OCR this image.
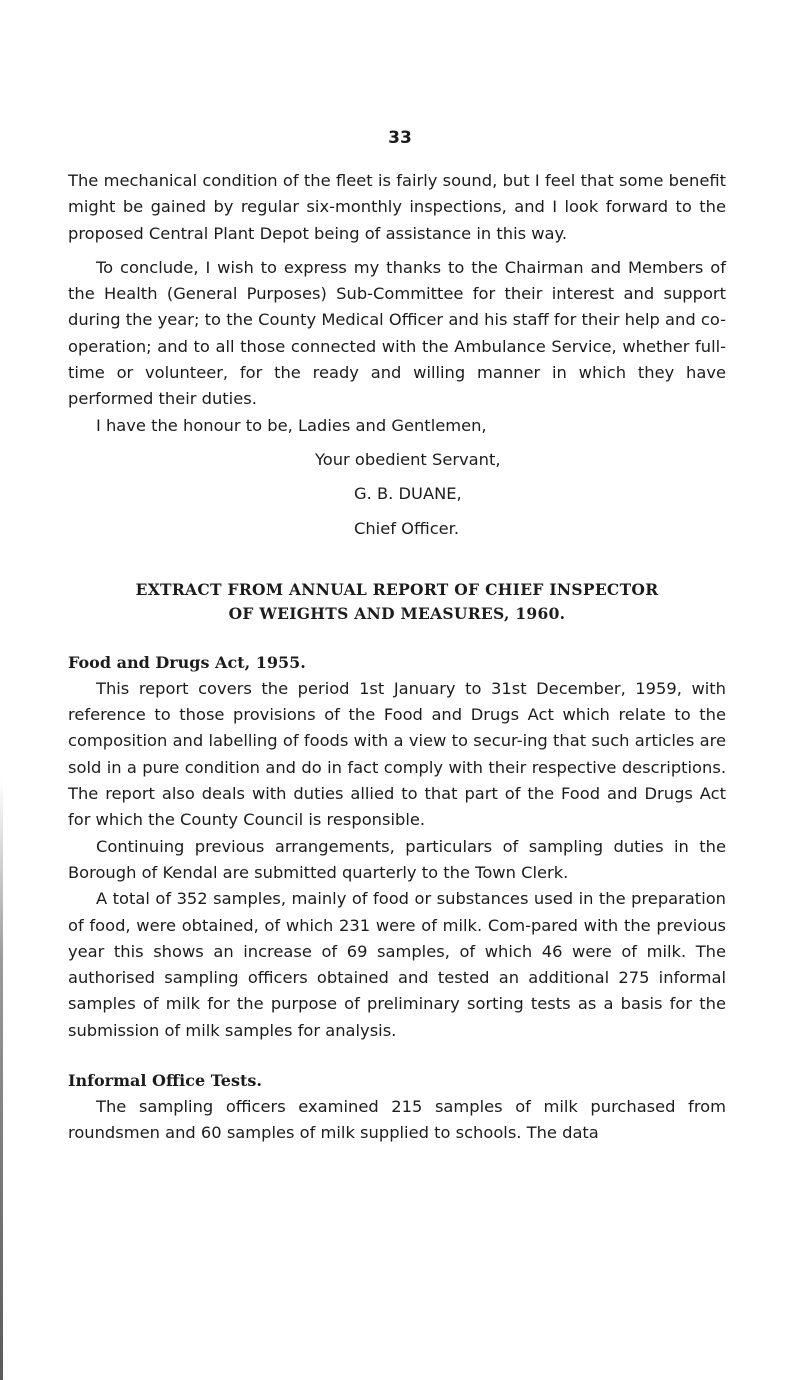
33

The mechanical condition of the fleet is fairly sound, but I feel that some benefit might be gained by regular six-monthly inspections, and I look forward to the proposed Central Plant Depot being of assistance in this way.

To conclude, I wish to express my thanks to the Chairman and Members of the Health (General Purposes) Sub-Committee for their interest and support during the year; to the County Medical Officer and his staff for their help and co-operation; and to all those connected with the Ambulance Service, whether full-time or volunteer, for the ready and willing manner in which they have performed their duties.

I have the honour to be, Ladies and Gentlemen,

Your obedient Servant,

G. B. DUANE,

Chief Officer.

EXTRACT FROM ANNUAL REPORT OF CHIEF INSPECTOR
OF WEIGHTS AND MEASURES, 1960.
Food and Drugs Act, 1955.

This report covers the period 1st January to 31st December, 1959, with reference to those provisions of the Food and Drugs Act which relate to the composition and labelling of foods with a view to secur-ing that such articles are sold in a pure condition and do in fact comply with their respective descriptions. The report also deals with duties allied to that part of the Food and Drugs Act for which the County Council is responsible.

Continuing previous arrangements, particulars of sampling duties in the Borough of Kendal are submitted quarterly to the Town Clerk.

A total of 352 samples, mainly of food or substances used in the preparation of food, were obtained, of which 231 were of milk. Com-pared with the previous year this shows an increase of 69 samples, of which 46 were of milk. The authorised sampling officers obtained and tested an additional 275 informal samples of milk for the purpose of preliminary sorting tests as a basis for the submission of milk samples for analysis.

Informal Office Tests.

The sampling officers examined 215 samples of milk purchased from roundsmen and 60 samples of milk supplied to schools. The data
